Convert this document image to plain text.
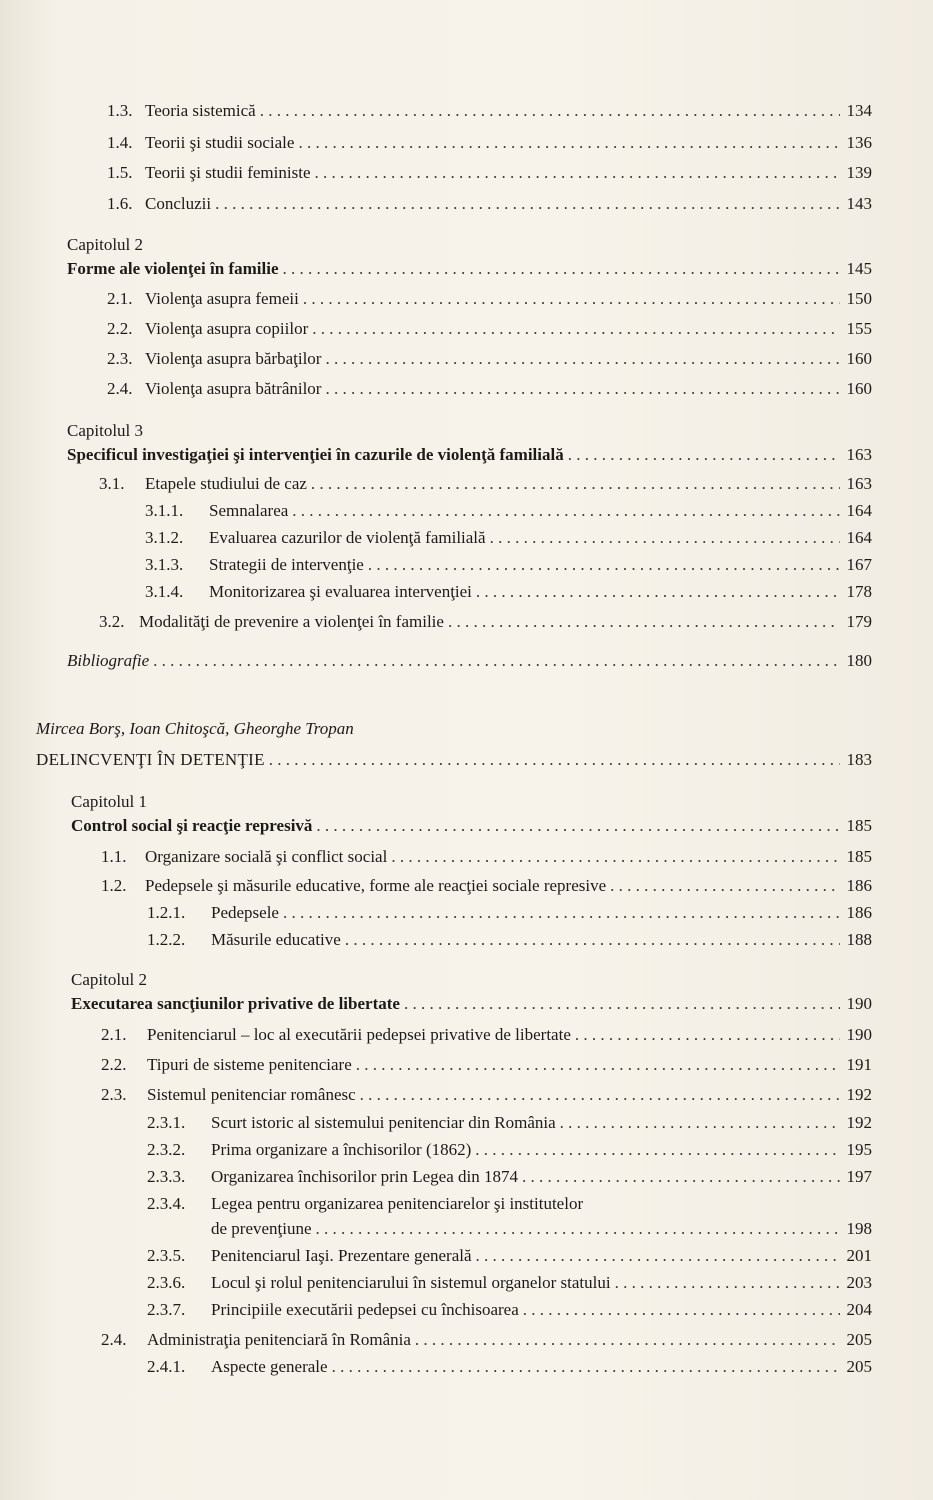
1.3. Teoria sistemică . . .	134
1.4. Teorii şi studii sociale . . .	136
1.5. Teorii şi studii feministe . . .	139
1.6. Concluzii . . .	143
Capitolul 2
Forme ale violenţei în familie . . .	145
2.1. Violenţa asupra femeii . . .	150
2.2. Violenţa asupra copiilor . . .	155
2.3. Violenţa asupra bărbaţilor . . .	160
2.4. Violenţa asupra bătrânilor . . .	160
Capitolul 3
Specificul investigaţiei şi intervenţiei în cazurile de violenţă familială . . .	163
3.1.	Etapele studiului de caz . . .	163
3.1.1.	Semnalarea . . .	164
3.1.2.	Evaluarea cazurilor de violenţă familială . . .	164
3.1.3.	Strategii de intervenţie . . .	167
3.1.4.	Monitorizarea şi evaluarea intervenţiei . . .	178
3.2. Modalităţi de prevenire a violenţei în familie . . .	179
Bibliografie . . .	180
Mircea Borş, Ioan Chitoşcă, Gheorghe Tropan
DELINCVENŢI ÎN DETENŢIE . . .	183
Capitolul 1
Control social şi reacţie represivă . . .	185
1.1.	Organizare socială şi conflict social . . .	185
1.2.	Pedepsele şi măsurile educative, forme ale reacţiei sociale represive . . .	186
1.2.1.	Pedepsele . . .	186
1.2.2.	Măsurile educative . . .	188
Capitolul 2
Executarea sancţiunilor privative de libertate . . .	190
2.1.	Penitenciarul – loc al executării pedepsei privative de libertate . . .	190
2.2.	Tipuri de sisteme penitenciare . . .	191
2.3.	Sistemul penitenciar românesc . . .	192
2.3.1.	Scurt istoric al sistemului penitenciar din România . . .	192
2.3.2.	Prima organizare a închisorilor (1862) . . .	195
2.3.3.	Organizarea închisorilor prin Legea din 1874 . . .	197
2.3.4.	Legea pentru organizarea penitenciarelor şi institutelor
de prevenţiune . . .	198
2.3.5.	Penitenciarul Iaşi. Prezentare generală . . .	201
2.3.6.	Locul şi rolul penitenciarului în sistemul organelor statului . . .	203
2.3.7.	Principiile executării pedepsei cu închisoarea . . .	204
2.4.	Administraţia penitenciară în România . . .	205
2.4.1.	Aspecte generale . . .	205
